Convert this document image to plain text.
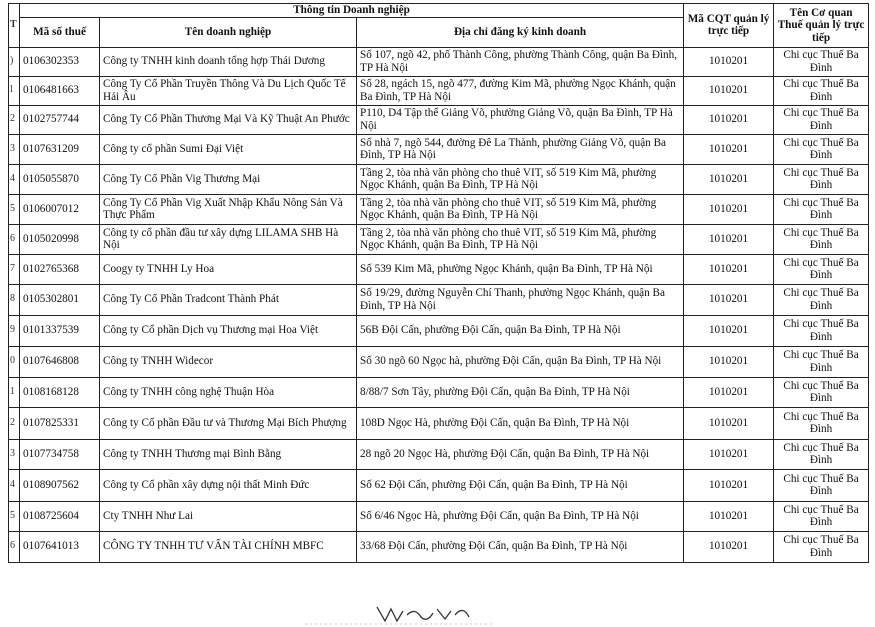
T	Thông tin Doanh nghiệp			Mã CQT quản lý trực tiếp	Tên Cơ quan Thuế quản lý trực tiếp
	Mã số thuế	Tên doanh nghiệp	Địa chỉ đăng ký kinh doanh		
)	0106302353	Công ty TNHH kinh doanh tổng hợp Thái Dương	Số 107, ngõ 42, phố Thành Công, phường Thành Công, quận Ba Đình, TP Hà Nội	1010201	Chi cục Thuế Ba Đình
l	0106481663	Công Ty Cổ Phần Truyền Thông Và Du Lịch Quốc Tế Hải Âu	Số 28, ngách 15, ngõ 477, đường Kim Mã, phường Ngọc Khánh, quận Ba Đình, TP Hà Nội	1010201	Chi cục Thuế Ba Đình
2	0102757744	Công Ty Cổ Phần Thương Mại Và Kỹ Thuật An Phước	P110, D4 Tập thể Giảng Võ, phường Giảng Võ, quận Ba Đình, TP Hà Nội	1010201	Chi cục Thuế Ba Đình
3	0107631209	Công ty cổ phần Sumi Đại Việt	Số nhà 7, ngõ 544, đường Đê La Thành, phường Giảng Võ, quận Ba Đình, TP Hà Nội	1010201	Chi cục Thuế Ba Đình
4	0105055870	Công Ty Cổ Phần Vig Thương Mại	Tầng 2, tòa nhà văn phòng cho thuê VIT, số 519 Kim Mã, phường Ngọc Khánh, quận Ba Đình, TP Hà Nội	1010201	Chi cục Thuế Ba Đình
5	0106007012	Công Ty Cổ Phần Vig Xuất Nhập Khẩu Nông Sản Và Thực Phẩm	Tầng 2, tòa nhà văn phòng cho thuê VIT, số 519 Kim Mã, phường Ngọc Khánh, quận Ba Đình, TP Hà Nội	1010201	Chi cục Thuế Ba Đình
6	0105020998	Công ty cổ phần đầu tư xây dựng LILAMA SHB Hà Nội	Tầng 2, tòa nhà văn phòng cho thuê VIT, số 519 Kim Mã, phường Ngọc Khánh, quận Ba Đình, TP Hà Nội	1010201	Chi cục Thuế Ba Đình
7	0102765368	Coogy ty TNHH Ly Hoa	Số 539 Kim Mã, phường Ngọc Khánh, quận Ba Đình, TP Hà Nội	1010201	Chi cục Thuế Ba Đình
8	0105302801	Công Ty Cổ Phần Tradcont Thành Phát	Số 19/29, đường Nguyễn Chí Thanh, phường Ngọc Khánh, quận Ba Đình, TP Hà Nội	1010201	Chi cục Thuế Ba Đình
9	0101337539	Công ty Cổ phần Dịch vụ Thương mại Hoa Việt	56B Đội Cấn, phường Đội Cấn, quận Ba Đình, TP Hà Nội	1010201	Chi cục Thuế Ba Đình
0	0107646808	Công ty TNHH Widecor	Số 30 ngõ 60 Ngọc hà, phường Đội Cấn, quận Ba Đình, TP Hà Nội	1010201	Chi cục Thuế Ba Đình
1	0108168128	Công ty TNHH công nghệ Thuận Hòa	8/88/7 Sơn Tây, phường Đội Cấn, quận Ba Đình, TP Hà Nội	1010201	Chi cục Thuế Ba Đình
2	0107825331	Công ty Cổ phần Đầu tư và Thương Mại Bích Phượng	108D Ngọc Hà, phường Đội Cấn, quận Ba Đình, TP Hà Nội	1010201	Chi cục Thuế Ba Đình
3	0107734758	Công ty TNHH Thương mại Bình Bằng	28 ngõ 20 Ngọc Hà, phường Đội Cấn, quận Ba Đình, TP Hà Nội	1010201	Chi cục Thuế Ba Đình
4	0108907562	Công ty Cổ phần xây dựng nội thất Minh Đức	Số 62 Đội Cấn, phường Đội Cấn, quận Ba Đình, TP Hà Nội	1010201	Chi cục Thuế Ba Đình
5	0108725604	Cty TNHH Như Lai	Số 6/46 Ngọc Hà, phường Đội Cấn, quận Ba Đình, TP Hà Nội	1010201	Chi cục Thuế Ba Đình
6	0107641013	CÔNG TY TNHH TƯ VẤN TÀI CHÍNH MBFC	33/68 Đội Cấn, phường Đội Cấn, quận Ba Đình, TP Hà Nội	1010201	Chi cục Thuế Ba Đình
